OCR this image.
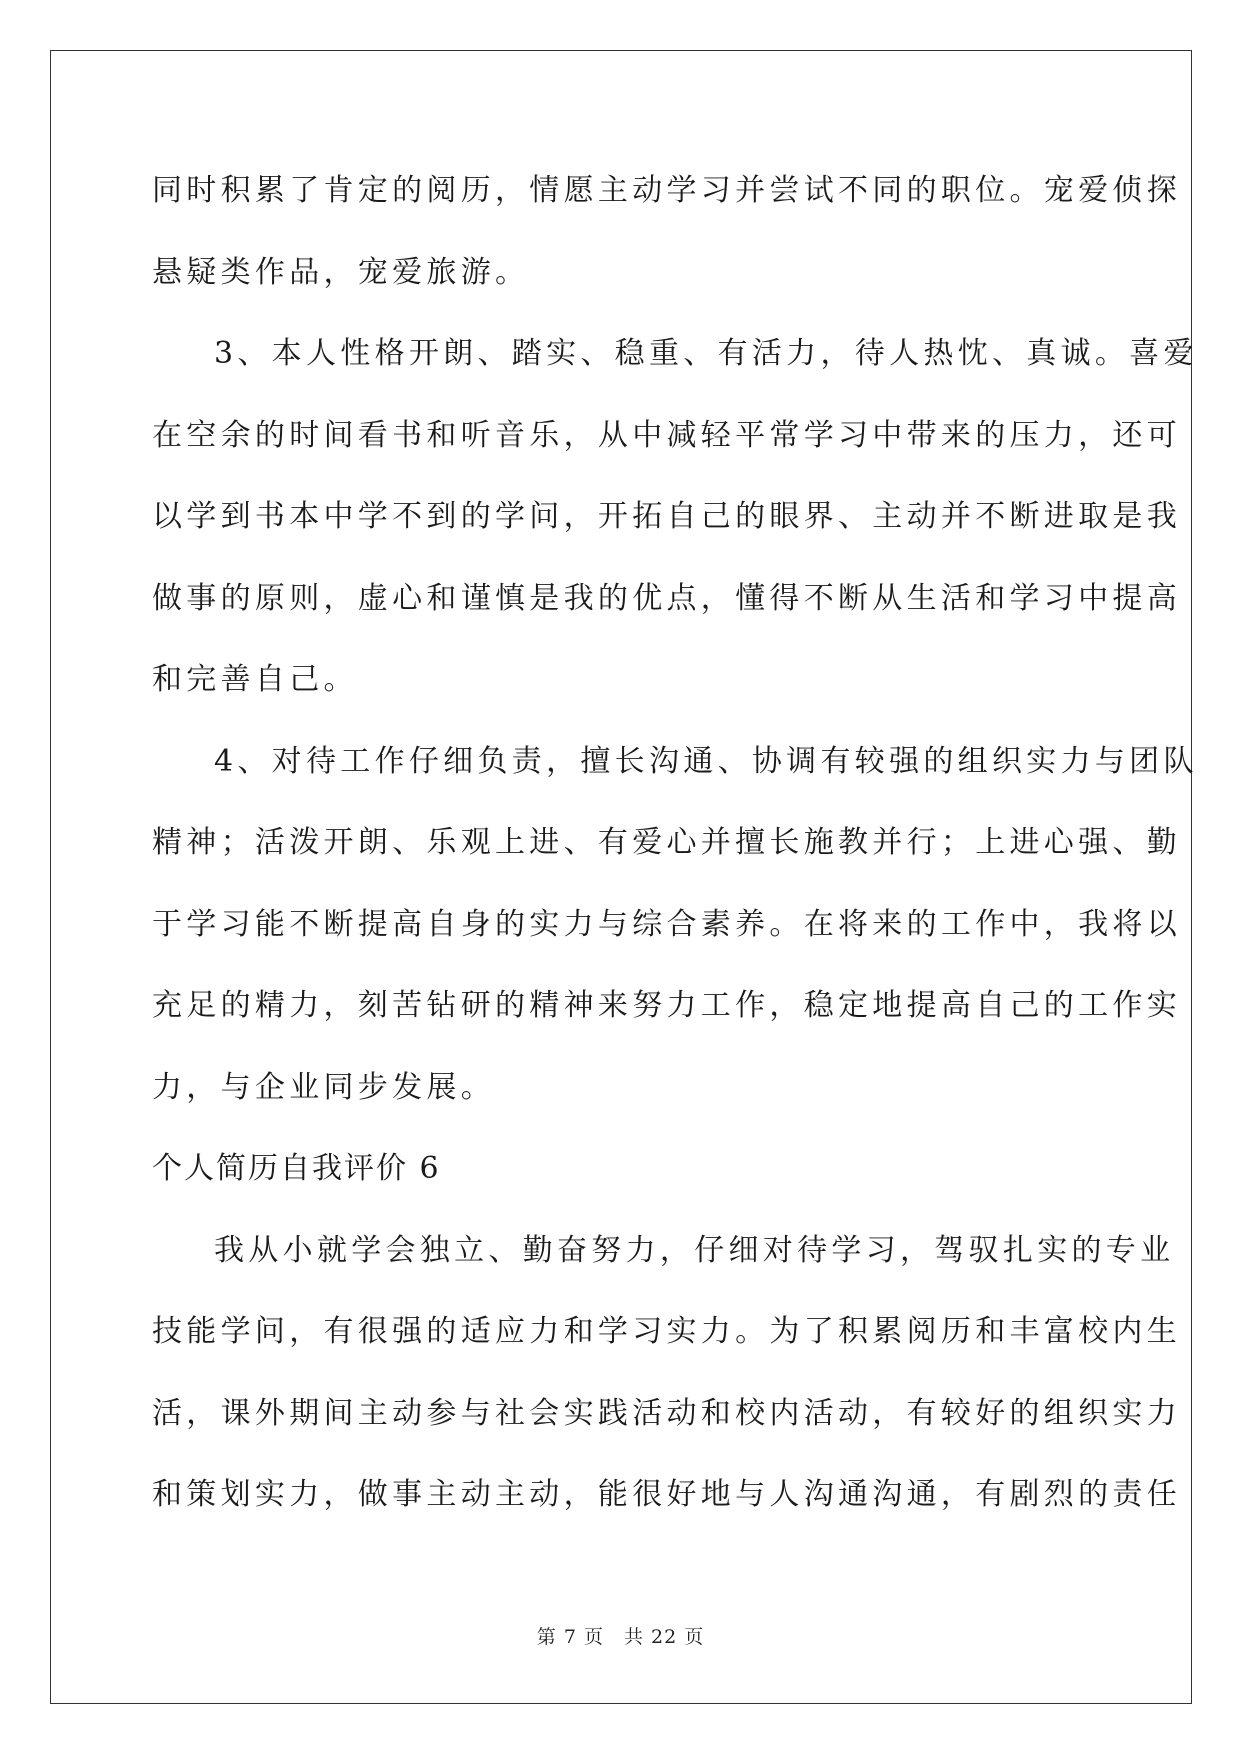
同时积累了肯定的阅历，情愿主动学习并尝试不同的职位。宠爱侦探
悬疑类作品，宠爱旅游。
3、本人性格开朗、踏实、稳重、有活力，待人热忱、真诚。喜爱
在空余的时间看书和听音乐，从中减轻平常学习中带来的压力，还可
以学到书本中学不到的学问，开拓自己的眼界、主动并不断进取是我
做事的原则，虚心和谨慎是我的优点，懂得不断从生活和学习中提高
和完善自己。
4、对待工作仔细负责，擅长沟通、协调有较强的组织实力与团队
精神；活泼开朗、乐观上进、有爱心并擅长施教并行；上进心强、勤
于学习能不断提高自身的实力与综合素养。在将来的工作中，我将以
充足的精力，刻苦钻研的精神来努力工作，稳定地提高自己的工作实
力，与企业同步发展。
个人简历自我评价 6
我从小就学会独立、勤奋努力，仔细对待学习，驾驭扎实的专业
技能学问，有很强的适应力和学习实力。为了积累阅历和丰富校内生
活，课外期间主动参与社会实践活动和校内活动，有较好的组织实力
和策划实力，做事主动主动，能很好地与人沟通沟通，有剧烈的责任
第 7 页 共 22 页
